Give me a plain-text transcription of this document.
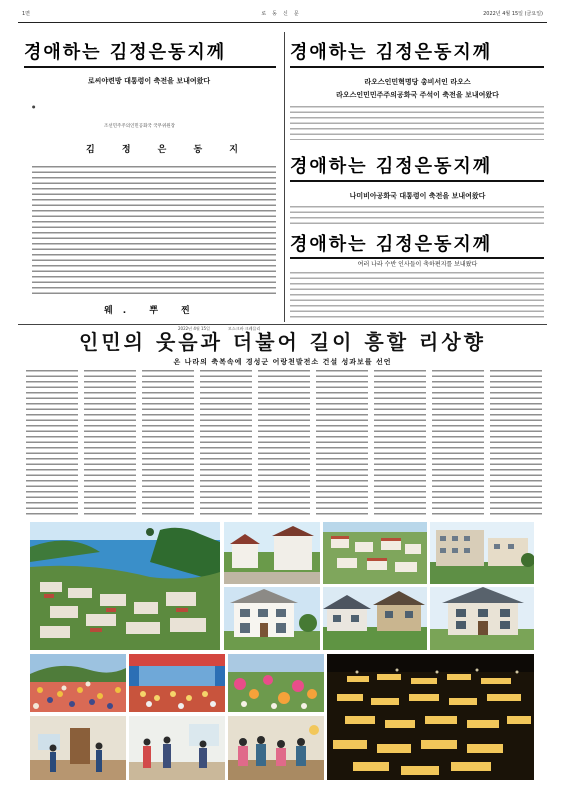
1면	로동신문	2022년 4월 15일 (금요일)
경애하는 김정은동지께
로씨야련방 대통령이 축전을 보내여왔다
●
조선민주주의인민공화국 국무위원장
김 정 은 동 지
웨. 뿌 찐
2022년 4월 15일	모스크바 크레믈리
경애하는 김정은동지께
라오스인민혁명당 총비서인 라오스
라오스인민민주주의공화국 주석이 축전을 보내여왔다
경애하는 김정은동지께
나미비아공화국 대통령이 축전을 보내여왔다
경애하는 김정은동지께
여러 나라 수반 인사들이 축하편지를 보내왔다
인민의 웃음과 더불어 길이 흥할 리상향
온 나라의 축복속에 경성군 어랑천발전소 건설 성과보를 선언
